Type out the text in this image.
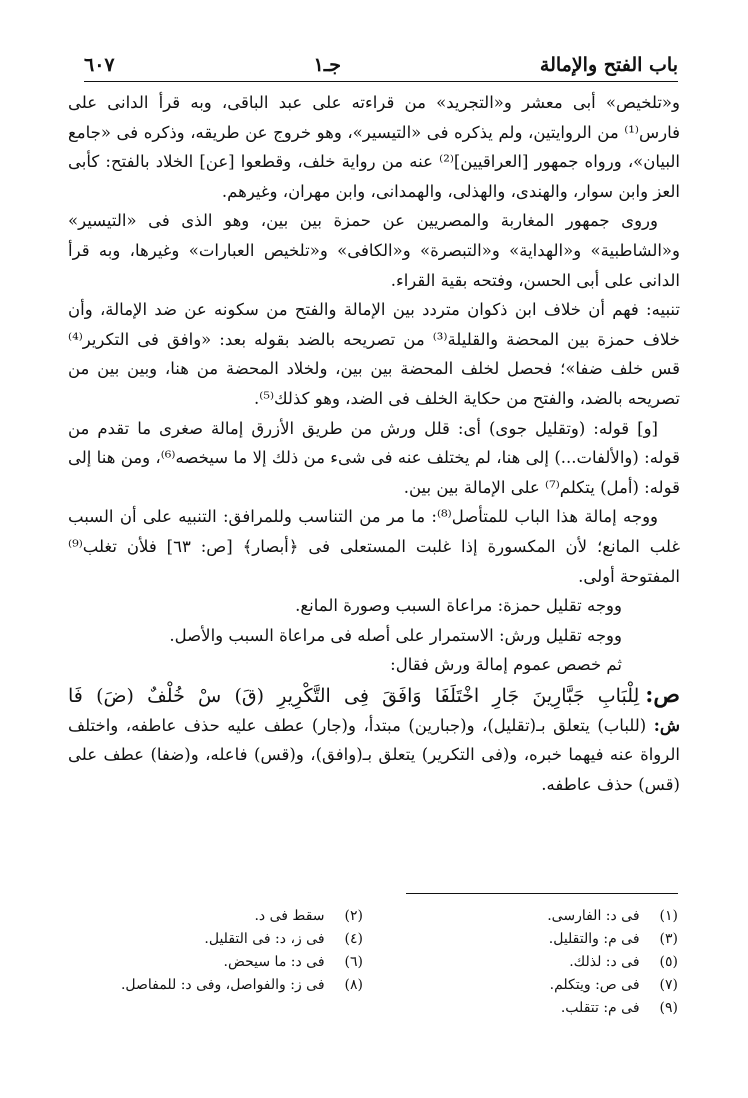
باب الفتح والإمالة
جـ١
٦٠٧

و«تلخيص» أبى معشر و«التجريد» من قراءته على عبد الباقى، وبه قرأ الدانى على فارس⁽¹⁾ من الروايتين، ولم يذكره فى «التيسير»، وهو خروج عن طريقه، وذكره فى «جامع البيان»، ورواه جمهور [العراقيين]⁽²⁾ عنه من رواية خلف، وقطعوا [عن] الخلاد بالفتح: كأبى العز وابن سوار، والهندى، والهذلى، والهمدانى، وابن مهران، وغيرهم.

وروى جمهور المغاربة والمصريين عن حمزة بين بين، وهو الذى فى «التيسير» و«الشاطبية» و«الهداية» و«التبصرة» و«الكافى» و«تلخيص العبارات» وغيرها، وبه قرأ الدانى على أبى الحسن، وفتحه بقية القراء.

تنبيه: فهم أن خلاف ابن ذكوان متردد بين الإمالة والفتح من سكونه عن ضد الإمالة، وأن خلاف حمزة بين المحضة والقليلة⁽³⁾ من تصريحه بالضد بقوله بعد: «وافق فى التكرير⁽⁴⁾ قس خلف ضفا»؛ فحصل لخلف المحضة بين بين، ولخلاد المحضة من هنا، وبين بين من تصريحه بالضد، والفتح من حكاية الخلف فى الضد، وهو كذلك⁽⁵⁾.

[و] قوله: (وتقليل جوى) أى: قلل ورش من طريق الأزرق إمالة صغرى ما تقدم من قوله: (والألفات...) إلى هنا، لم يختلف عنه فى شىء من ذلك إلا ما سيخصه⁽⁶⁾، ومن هنا إلى قوله: (أمل) يتكلم⁽⁷⁾ على الإمالة بين بين.

ووجه إمالة هذا الباب للمتأصل⁽⁸⁾: ما مر من التناسب وللمرافق: التنبيه على أن السبب غلب المانع؛ لأن المكسورة إذا غلبت المستعلى فى ﴿أبصار﴾ [ص: ٦٣] فلأن تغلب⁽⁹⁾ المفتوحة أولى.

ووجه تقليل حمزة: مراعاة السبب وصورة المانع.

ووجه تقليل ورش: الاستمرار على أصله فى مراعاة السبب والأصل.

ثم خصص عموم إمالة ورش فقال:

ص:
لِلْبَابِ جَبَّارِينَ جَارِ اخْتَلَفَا وَافَقَ فِى التَّكْرِيرِ (قَ) سْ خُلْفٌ (ضَ) فَا

ش: (للباب) يتعلق بـ(تقليل)، و(جبارين) مبتدأ، و(جار) عطف عليه حذف عاطفه، واختلف الرواة عنه فيهما خبره، و(فى التكرير) يتعلق بـ(وافق)، و(قس) فاعله، و(ضفا) عطف على (قس) حذف عاطفه.

(١) فى د: الفارسى.
(٢) سقط فى د.
(٣) فى م: والتقليل.
(٤) فى ز، د: فى التقليل.
(٥) فى د: لذلك.
(٦) فى د: ما سيحض.
(٧) فى ص: ويتكلم.
(٨) فى ز: والفواصل، وفى د: للمفاصل.
(٩) فى م: تتقلب.
